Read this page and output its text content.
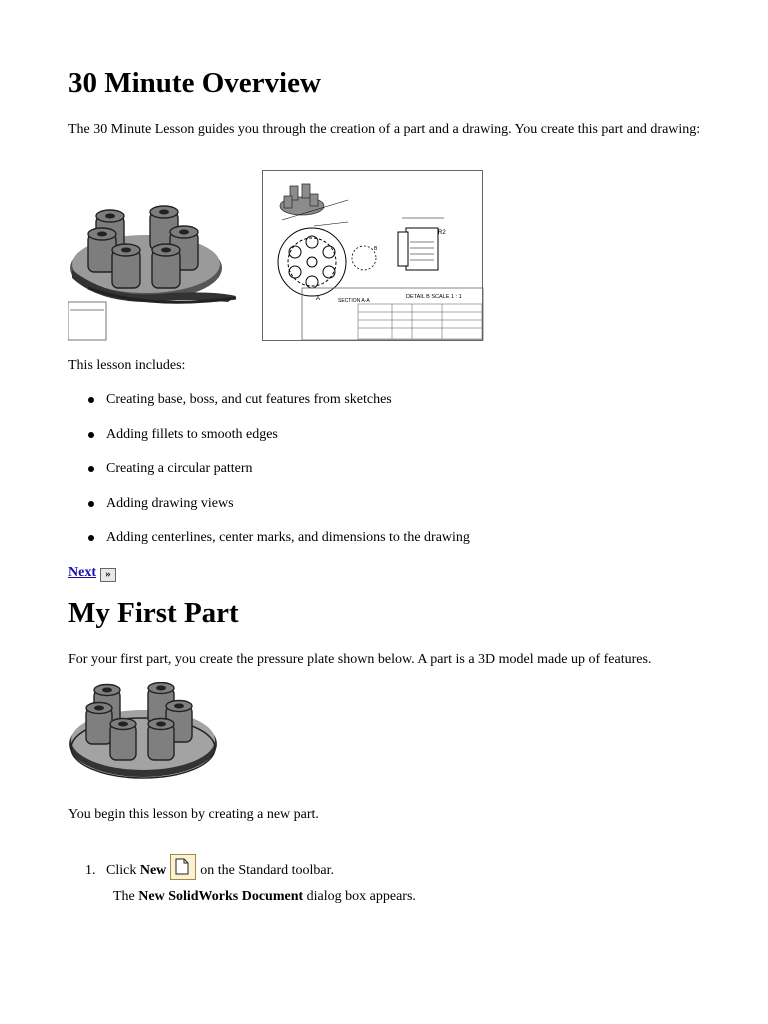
30 Minute Overview

The 30 Minute Lesson guides you through the creation of a part and a drawing. You create this part and drawing:

R2
B
A	SECTION A-A
DETAIL B SCALE 1 : 1

This lesson includes:

Creating base, boss, and cut features from sketches
Adding fillets to smooth edges
Creating a circular pattern
Adding drawing views
Adding centerlines, center marks, and dimensions to the drawing
Next »
My First Part

For your first part, you create the pressure plate shown below. A part is a 3D model made up of features.

You begin this lesson by creating a new part.

1. Click New on the Standard toolbar.
The New SolidWorks Document dialog box appears.
